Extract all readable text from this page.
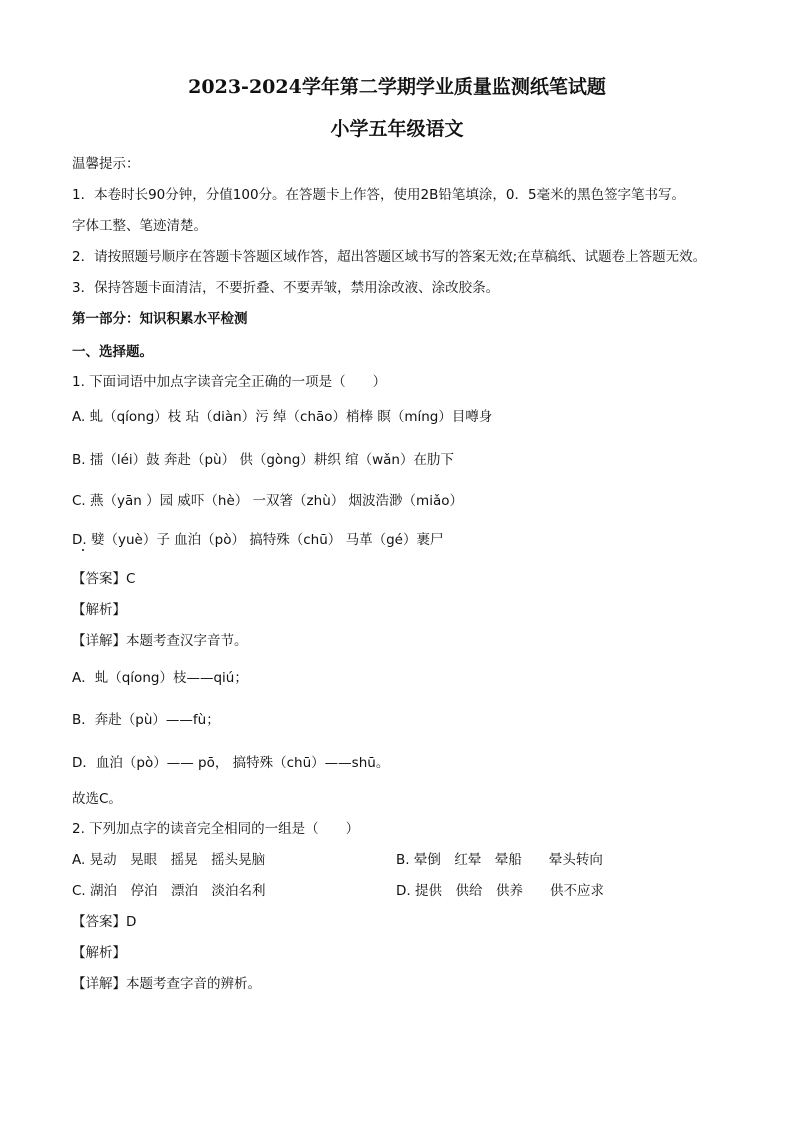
2023-2024学年第二学期学业质量监测纸笔试题
小学五年级语文

温馨提示：

1．本卷时长90分钟，分值100分。在答题卡上作答，使用2B铅笔填涂，0．5毫米的黑色签字笔书写。

字体工整、笔迹清楚。

2．请按照题号顺序在答题卡答题区域作答，超出答题区域书写的答案无效;在草稿纸、试题卷上答题无效。

3．保持答题卡面清洁，不要折叠、不要弄皱，禁用涂改液、涂改胶条。

第一部分：知识积累水平检测

一、选择题。

1. 下面词语中加点字读音完全正确的一项是（　　）

A. 虬（qíong）枝 玷（diàn）污 绰（chāo）梢棒 瞑（míng）目噂身

B. 擂（léi）鼓 奔赴（pù） 供（gòng）耕织 绾（wǎn）在肋下

C. 燕（yān ）园 威吓（hè） 一双箸（zhù） 烟波浩渺（miǎo）

D. 嬖（yuè）子 血泊（pò） 搞特殊（chū） 马革（gé）裹尸

【答案】C

【解析】

【详解】本题考查汉字音节。

A．虬（qíong）枝——qiú；

B．奔赴（pù）——fù；

D．血泊（pò）—— pō， 搞特殊（chū）——shū。

故选C。

2. 下列加点字的读音完全相同的一组是（　　）

A. 晃动　晃眼　摇晃　摇头晃脑	B. 晕倒　红晕　晕船　　晕头转向

C. 湖泊　停泊　漂泊　淡泊名利	D. 提供　供给　供养　　供不应求

【答案】D

【解析】

【详解】本题考查字音的辨析。
